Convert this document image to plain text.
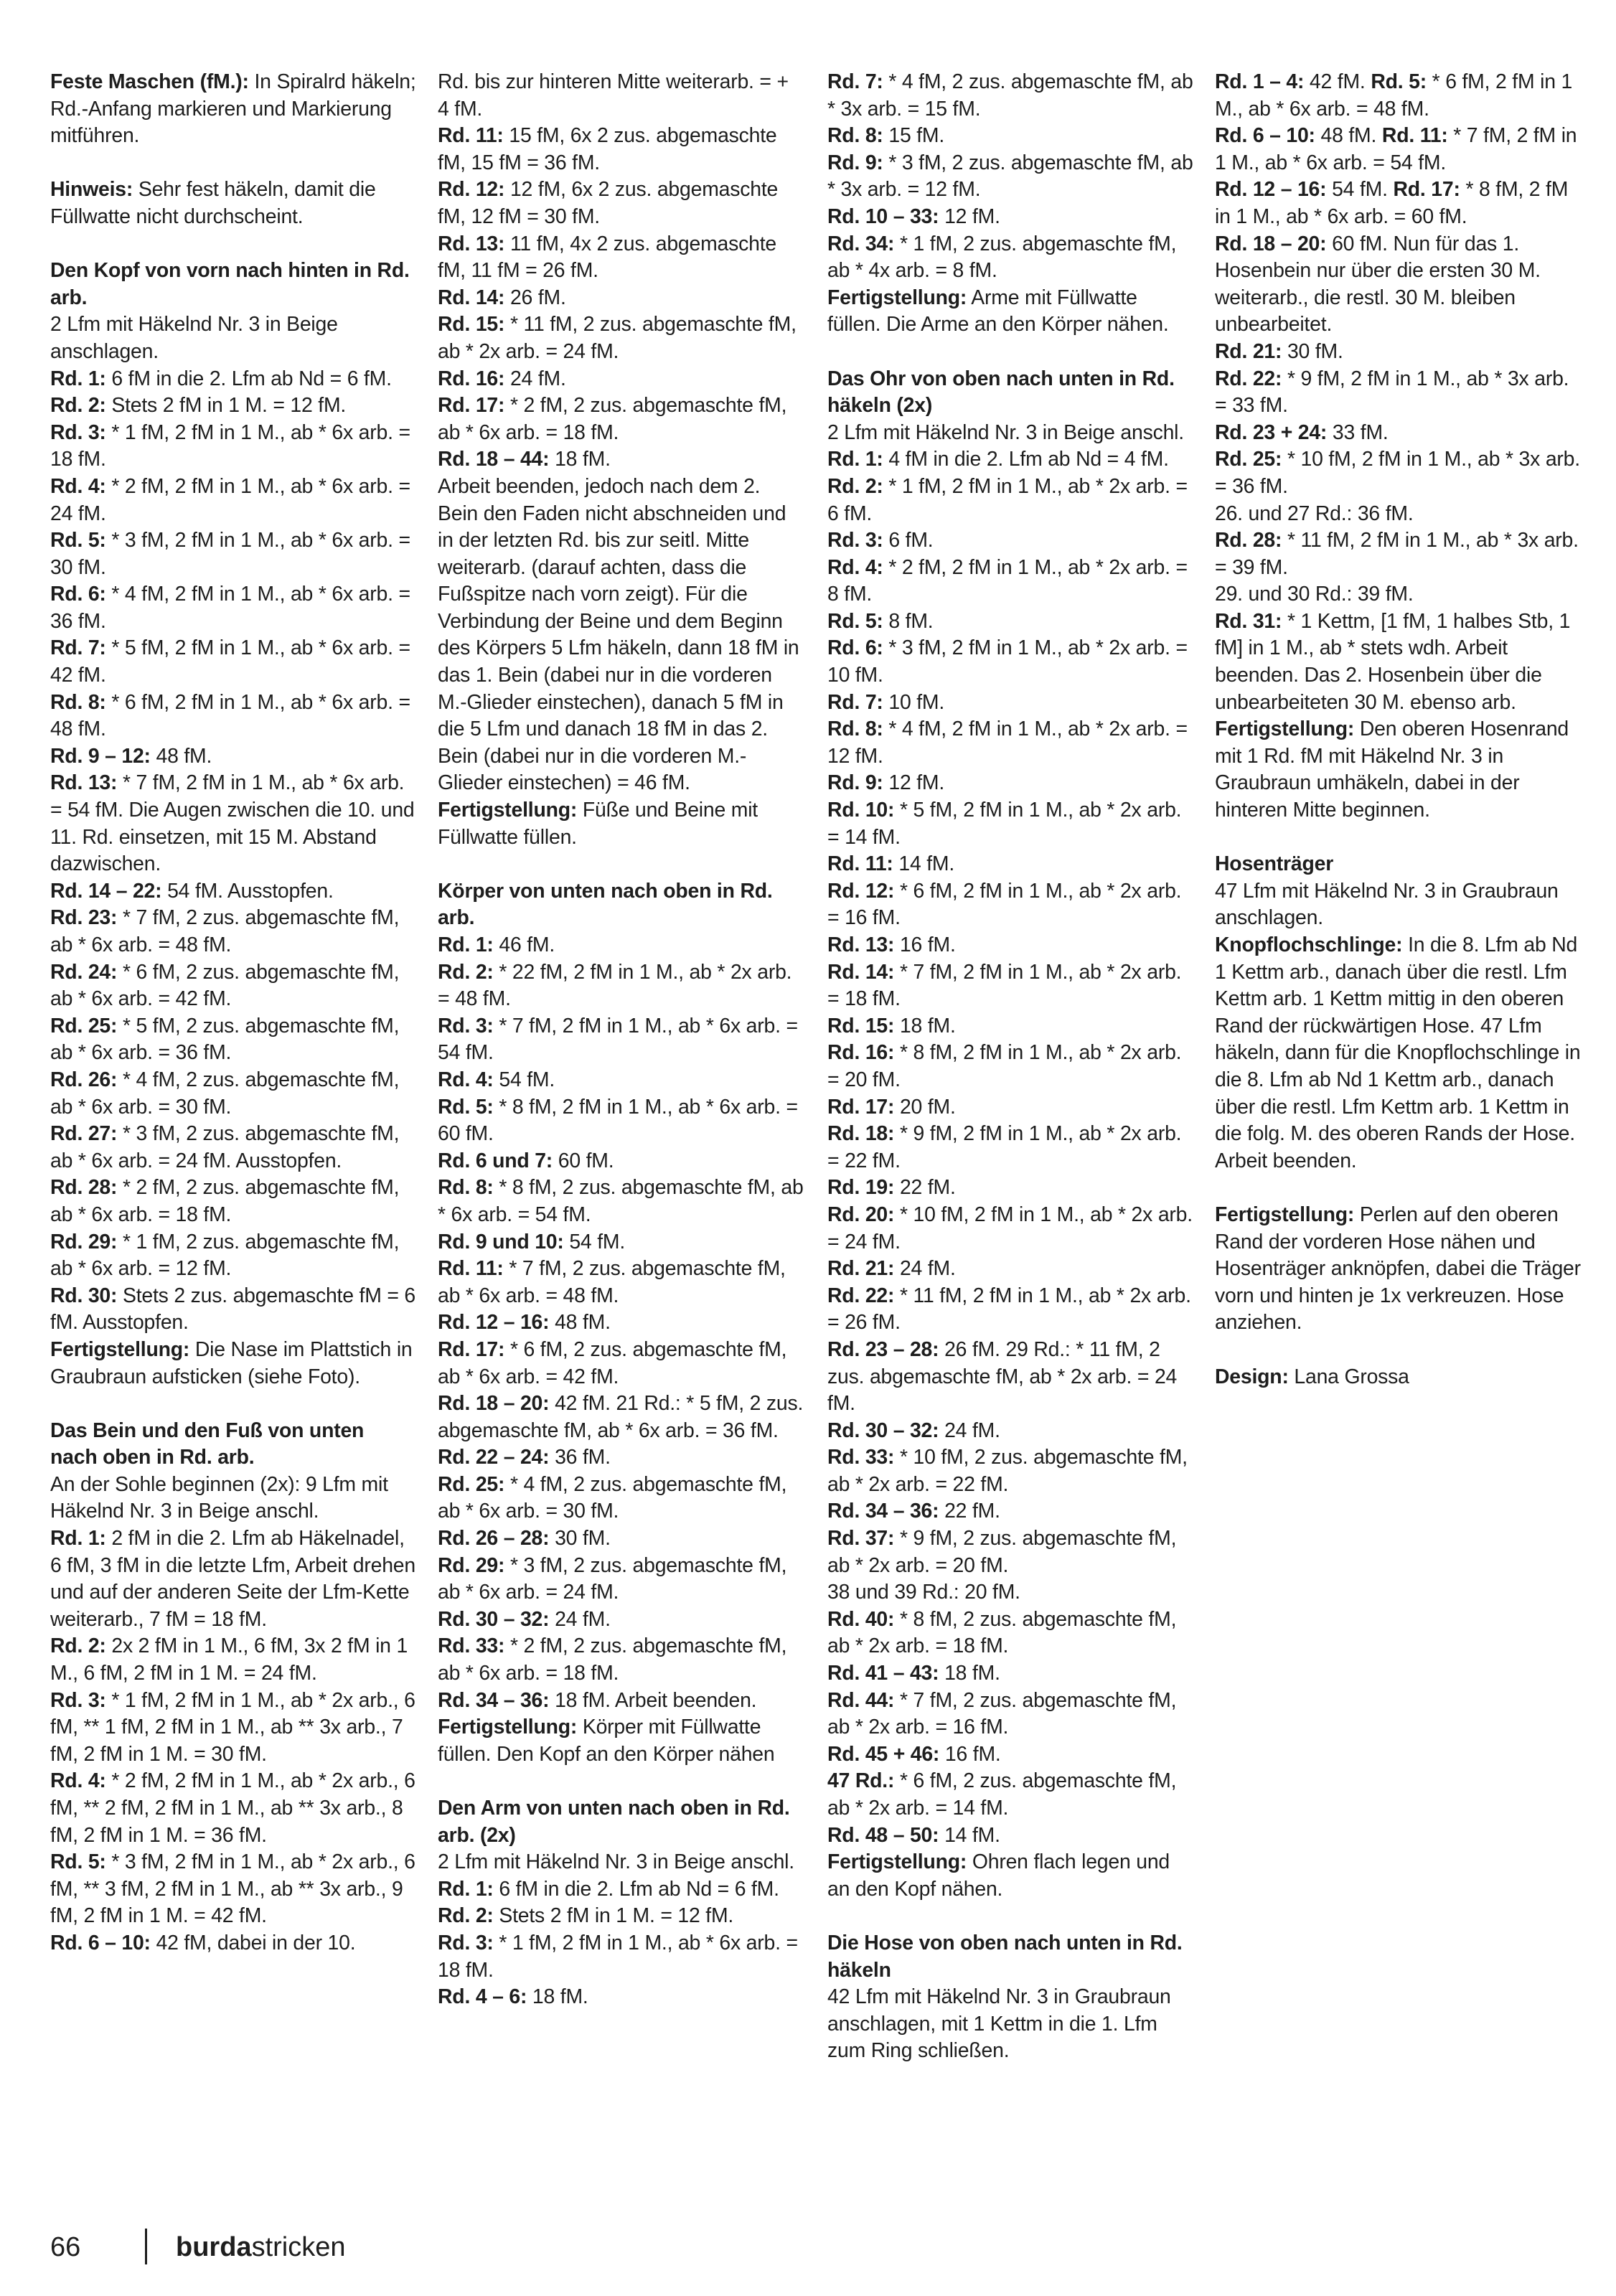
Feste Maschen (fM.): In Spiralrd häkeln; Rd.-Anfang markieren und Markierung mitführen.

Hinweis: Sehr fest häkeln, damit die Füllwatte nicht durchscheint.

Den Kopf von vorn nach hinten in Rd. arb.

2 Lfm mit Häkelnd Nr. 3 in Beige anschlagen.

Rd. 1: 6 fM in die 2. Lfm ab Nd = 6 fM.

Rd. 2: Stets 2 fM in 1 M. = 12 fM.

Rd. 3: * 1 fM, 2 fM in 1 M., ab * 6x arb. = 18 fM.

Rd. 4: * 2 fM, 2 fM in 1 M., ab * 6x arb. = 24 fM.

Rd. 5: * 3 fM, 2 fM in 1 M., ab * 6x arb. = 30 fM.

Rd. 6: * 4 fM, 2 fM in 1 M., ab * 6x arb. = 36 fM.

Rd. 7: * 5 fM, 2 fM in 1 M., ab * 6x arb. = 42 fM.

Rd. 8: * 6 fM, 2 fM in 1 M., ab * 6x arb. = 48 fM.

Rd. 9 – 12: 48 fM.

Rd. 13: * 7 fM, 2 fM in 1 M., ab * 6x arb. = 54 fM. Die Augen zwischen die 10. und 11. Rd. einsetzen, mit 15 M. Abstand dazwischen.

Rd. 14 – 22: 54 fM. Ausstopfen.

Rd. 23: * 7 fM, 2 zus. abgemaschte fM, ab * 6x arb. = 48 fM.

Rd. 24: * 6 fM, 2 zus. abgemaschte fM, ab * 6x arb. = 42 fM.

Rd. 25: * 5 fM, 2 zus. abgemaschte fM, ab * 6x arb. = 36 fM.

Rd. 26: * 4 fM, 2 zus. abgemaschte fM, ab * 6x arb. = 30 fM.

Rd. 27: * 3 fM, 2 zus. abgemaschte fM, ab * 6x arb. = 24 fM. Ausstopfen.

Rd. 28: * 2 fM, 2 zus. abgemaschte fM, ab * 6x arb. = 18 fM.

Rd. 29: * 1 fM, 2 zus. abgemaschte fM, ab * 6x arb. = 12 fM.

Rd. 30: Stets 2 zus. abgemaschte fM = 6 fM. Ausstopfen.

Fertigstellung: Die Nase im Plattstich in Graubraun aufsticken (siehe Foto).

Das Bein und den Fuß von unten nach oben in Rd. arb.

An der Sohle beginnen (2x): 9 Lfm mit Häkelnd Nr. 3 in Beige anschl.

Rd. 1: 2 fM in die 2. Lfm ab Häkelnadel, 6 fM, 3 fM in die letzte Lfm, Arbeit drehen und auf der anderen Seite der Lfm-Kette weiterarb., 7 fM = 18 fM.

Rd. 2: 2x 2 fM in 1 M., 6 fM, 3x 2 fM in 1 M., 6 fM, 2 fM in 1 M. = 24 fM.

Rd. 3: * 1 fM, 2 fM in 1 M., ab * 2x arb., 6 fM, ** 1 fM, 2 fM in 1 M., ab ** 3x arb., 7 fM, 2 fM in 1 M. = 30 fM.

Rd. 4: * 2 fM, 2 fM in 1 M., ab * 2x arb., 6 fM, ** 2 fM, 2 fM in 1 M., ab ** 3x arb., 8 fM, 2 fM in 1 M. = 36 fM.

Rd. 5: * 3 fM, 2 fM in 1 M., ab * 2x arb., 6 fM, ** 3 fM, 2 fM in 1 M., ab ** 3x arb., 9 fM, 2 fM in 1 M. = 42 fM.

Rd. 6 – 10: 42 fM, dabei in der 10.

Rd. bis zur hinteren Mitte weiterarb. = + 4 fM.

Rd. 11: 15 fM, 6x 2 zus. abgemaschte fM, 15 fM = 36 fM.

Rd. 12: 12 fM, 6x 2 zus. abgemaschte fM, 12 fM = 30 fM.

Rd. 13: 11 fM, 4x 2 zus. abgemaschte fM, 11 fM = 26 fM.

Rd. 14: 26 fM.

Rd. 15: * 11 fM, 2 zus. abgemaschte fM, ab * 2x arb. = 24 fM.

Rd. 16: 24 fM.

Rd. 17: * 2 fM, 2 zus. abgemaschte fM, ab * 6x arb. = 18 fM.

Rd. 18 – 44: 18 fM.

Arbeit beenden, jedoch nach dem 2. Bein den Faden nicht abschneiden und in der letzten Rd. bis zur seitl. Mitte weiterarb. (darauf achten, dass die Fußspitze nach vorn zeigt). Für die Verbindung der Beine und dem Beginn des Körpers 5 Lfm häkeln, dann 18 fM in das 1. Bein (dabei nur in die vorderen M.-Glieder einstechen), danach 5 fM in die 5 Lfm und danach 18 fM in das 2. Bein (dabei nur in die vorderen M.-Glieder einstechen) = 46 fM.

Fertigstellung: Füße und Beine mit Füllwatte füllen.

Körper von unten nach oben in Rd. arb.

Rd. 1: 46 fM.

Rd. 2: * 22 fM, 2 fM in 1 M., ab * 2x arb. = 48 fM.

Rd. 3: * 7 fM, 2 fM in 1 M., ab * 6x arb. = 54 fM.

Rd. 4: 54 fM.

Rd. 5: * 8 fM, 2 fM in 1 M., ab * 6x arb. = 60 fM.

Rd. 6 und 7: 60 fM.

Rd. 8: * 8 fM, 2 zus. abgemaschte fM, ab * 6x arb. = 54 fM.

Rd. 9 und 10: 54 fM.

Rd. 11: * 7 fM, 2 zus. abgemaschte fM, ab * 6x arb. = 48 fM.

Rd. 12 – 16: 48 fM.

Rd. 17: * 6 fM, 2 zus. abgemaschte fM, ab * 6x arb. = 42 fM.

Rd. 18 – 20: 42 fM. 21 Rd.: * 5 fM, 2 zus. abgemaschte fM, ab * 6x arb. = 36 fM.

Rd. 22 – 24: 36 fM.

Rd. 25: * 4 fM, 2 zus. abgemaschte fM, ab * 6x arb. = 30 fM.

Rd. 26 – 28: 30 fM.

Rd. 29: * 3 fM, 2 zus. abgemaschte fM, ab * 6x arb. = 24 fM.

Rd. 30 – 32: 24 fM.

Rd. 33: * 2 fM, 2 zus. abgemaschte fM, ab * 6x arb. = 18 fM.

Rd. 34 – 36: 18 fM. Arbeit beenden.

Fertigstellung: Körper mit Füllwatte füllen. Den Kopf an den Körper nähen

Den Arm von unten nach oben in Rd. arb. (2x)

2 Lfm mit Häkelnd Nr. 3 in Beige anschl.

Rd. 1: 6 fM in die 2. Lfm ab Nd = 6 fM.

Rd. 2: Stets 2 fM in 1 M. = 12 fM.

Rd. 3: * 1 fM, 2 fM in 1 M., ab * 6x arb. = 18 fM.

Rd. 4 – 6: 18 fM.

Rd. 7: * 4 fM, 2 zus. abgemaschte fM, ab * 3x arb. = 15 fM.

Rd. 8: 15 fM.

Rd. 9: * 3 fM, 2 zus. abgemaschte fM, ab * 3x arb. = 12 fM.

Rd. 10 – 33: 12 fM.

Rd. 34: * 1 fM, 2 zus. abgemaschte fM, ab * 4x arb. = 8 fM.

Fertigstellung: Arme mit Füllwatte füllen. Die Arme an den Körper nähen.

Das Ohr von oben nach unten in Rd. häkeln (2x)

2 Lfm mit Häkelnd Nr. 3 in Beige anschl.

Rd. 1: 4 fM in die 2. Lfm ab Nd = 4 fM.

Rd. 2: * 1 fM, 2 fM in 1 M., ab * 2x arb. = 6 fM.

Rd. 3: 6 fM.

Rd. 4: * 2 fM, 2 fM in 1 M., ab * 2x arb. = 8 fM.

Rd. 5: 8 fM.

Rd. 6: * 3 fM, 2 fM in 1 M., ab * 2x arb. = 10 fM.

Rd. 7: 10 fM.

Rd. 8: * 4 fM, 2 fM in 1 M., ab * 2x arb. = 12 fM.

Rd. 9: 12 fM.

Rd. 10: * 5 fM, 2 fM in 1 M., ab * 2x arb. = 14 fM.

Rd. 11: 14 fM.

Rd. 12: * 6 fM, 2 fM in 1 M., ab * 2x arb. = 16 fM.

Rd. 13: 16 fM.

Rd. 14: * 7 fM, 2 fM in 1 M., ab * 2x arb. = 18 fM.

Rd. 15: 18 fM.

Rd. 16: * 8 fM, 2 fM in 1 M., ab * 2x arb. = 20 fM.

Rd. 17: 20 fM.

Rd. 18: * 9 fM, 2 fM in 1 M., ab * 2x arb. = 22 fM.

Rd. 19: 22 fM.

Rd. 20: * 10 fM, 2 fM in 1 M., ab * 2x arb. = 24 fM.

Rd. 21: 24 fM.

Rd. 22: * 11 fM, 2 fM in 1 M., ab * 2x arb. = 26 fM.

Rd. 23 – 28: 26 fM. 29 Rd.: * 11 fM, 2 zus. abgemaschte fM, ab * 2x arb. = 24 fM.

Rd. 30 – 32: 24 fM.

Rd. 33: * 10 fM, 2 zus. abgemaschte fM, ab * 2x arb. = 22 fM.

Rd. 34 – 36: 22 fM.

Rd. 37: * 9 fM, 2 zus. abgemaschte fM, ab * 2x arb. = 20 fM.

38 und 39 Rd.: 20 fM.

Rd. 40: * 8 fM, 2 zus. abgemaschte fM, ab * 2x arb. = 18 fM.

Rd. 41 – 43: 18 fM.

Rd. 44: * 7 fM, 2 zus. abgemaschte fM, ab * 2x arb. = 16 fM.

Rd. 45 + 46: 16 fM.

47 Rd.: * 6 fM, 2 zus. abgemaschte fM, ab * 2x arb. = 14 fM.

Rd. 48 – 50: 14 fM.

Fertigstellung: Ohren flach legen und an den Kopf nähen.

Die Hose von oben nach unten in Rd. häkeln

42 Lfm mit Häkelnd Nr. 3 in Graubraun anschlagen, mit 1 Kettm in die 1. Lfm zum Ring schließen.

Rd. 1 – 4: 42 fM. Rd. 5: * 6 fM, 2 fM in 1 M., ab * 6x arb. = 48 fM.

Rd. 6 – 10: 48 fM. Rd. 11: * 7 fM, 2 fM in 1 M., ab * 6x arb. = 54 fM.

Rd. 12 – 16: 54 fM. Rd. 17: * 8 fM, 2 fM in 1 M., ab * 6x arb. = 60 fM.

Rd. 18 – 20: 60 fM. Nun für das 1. Hosenbein nur über die ersten 30 M. weiterarb., die restl. 30 M. bleiben unbearbeitet.

Rd. 21: 30 fM.

Rd. 22: * 9 fM, 2 fM in 1 M., ab * 3x arb. = 33 fM.

Rd. 23 + 24: 33 fM.

Rd. 25: * 10 fM, 2 fM in 1 M., ab * 3x arb. = 36 fM.

26. und 27 Rd.: 36 fM.

Rd. 28: * 11 fM, 2 fM in 1 M., ab * 3x arb. = 39 fM.

29. und 30 Rd.: 39 fM.

Rd. 31: * 1 Kettm, [1 fM, 1 halbes Stb, 1 fM] in 1 M., ab * stets wdh. Arbeit beenden. Das 2. Hosenbein über die unbearbeiteten 30 M. ebenso arb.

Fertigstellung: Den oberen Hosenrand mit 1 Rd. fM mit Häkelnd Nr. 3 in Graubraun umhäkeln, dabei in der hinteren Mitte beginnen.

Hosenträger

47 Lfm mit Häkelnd Nr. 3 in Graubraun anschlagen.

Knopflochschlinge: In die 8. Lfm ab Nd 1 Kettm arb., danach über die restl. Lfm Kettm arb. 1 Kettm mittig in den oberen Rand der rückwärtigen Hose. 47 Lfm häkeln, dann für die Knopflochschlinge in die 8. Lfm ab Nd 1 Kettm arb., danach über die restl. Lfm Kettm arb. 1 Kettm in die folg. M. des oberen Rands der Hose. Arbeit beenden.

Fertigstellung: Perlen auf den oberen Rand der vorderen Hose nähen und Hosenträger anknöpfen, dabei die Träger vorn und hinten je 1x verkreuzen. Hose anziehen.

Design: Lana Grossa

66	burdastricken
